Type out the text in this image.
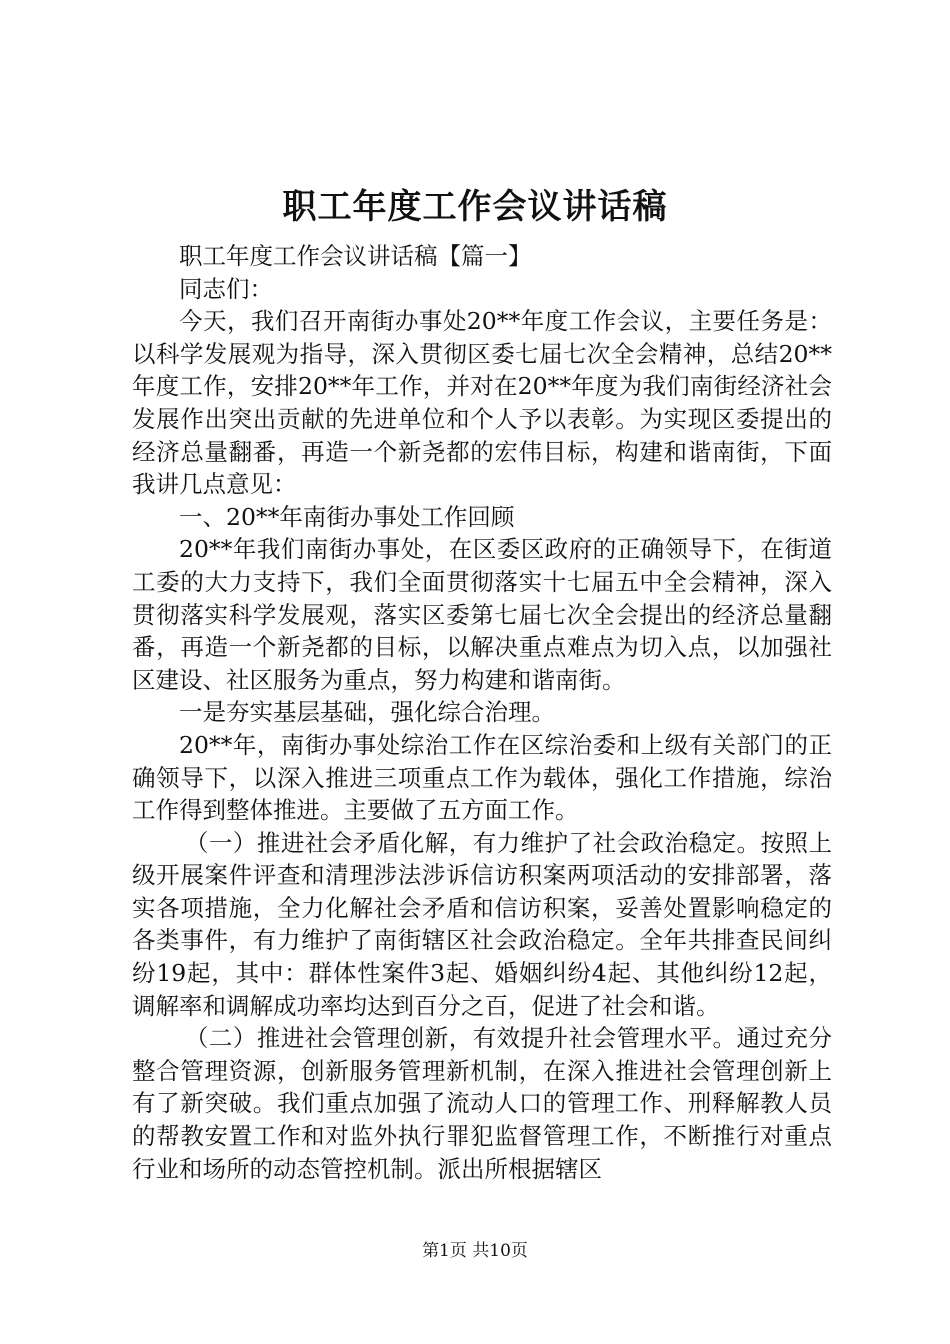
职工年度工作会议讲话稿

职工年度工作会议讲话稿【篇一】

同志们：

今天，我们召开南街办事处20**年度工作会议，主要任务是：以科学发展观为指导，深入贯彻区委七届七次全会精神，总结20**年度工作，安排20**年工作，并对在20**年度为我们南街经济社会发展作出突出贡献的先进单位和个人予以表彰。为实现区委提出的经济总量翻番，再造一个新尧都的宏伟目标，构建和谐南街，下面我讲几点意见：

一、20**年南街办事处工作回顾

20**年我们南街办事处，在区委区政府的正确领导下，在街道工委的大力支持下，我们全面贯彻落实十七届五中全会精神，深入贯彻落实科学发展观，落实区委第七届七次全会提出的经济总量翻番，再造一个新尧都的目标，以解决重点难点为切入点，以加强社区建设、社区服务为重点，努力构建和谐南街。

一是夯实基层基础，强化综合治理。

20**年，南街办事处综治工作在区综治委和上级有关部门的正确领导下，以深入推进三项重点工作为载体，强化工作措施，综治工作得到整体推进。主要做了五方面工作。

（一）推进社会矛盾化解，有力维护了社会政治稳定。按照上级开展案件评查和清理涉法涉诉信访积案两项活动的安排部署，落实各项措施，全力化解社会矛盾和信访积案，妥善处置影响稳定的各类事件，有力维护了南街辖区社会政治稳定。全年共排查民间纠纷19起，其中：群体性案件3起、婚姻纠纷4起、其他纠纷12起，调解率和调解成功率均达到百分之百，促进了社会和谐。

（二）推进社会管理创新，有效提升社会管理水平。通过充分整合管理资源，创新服务管理新机制，在深入推进社会管理创新上有了新突破。我们重点加强了流动人口的管理工作、刑释解教人员的帮教安置工作和对监外执行罪犯监督管理工作，不断推行对重点行业和场所的动态管控机制。派出所根据辖区

第1页 共10页
